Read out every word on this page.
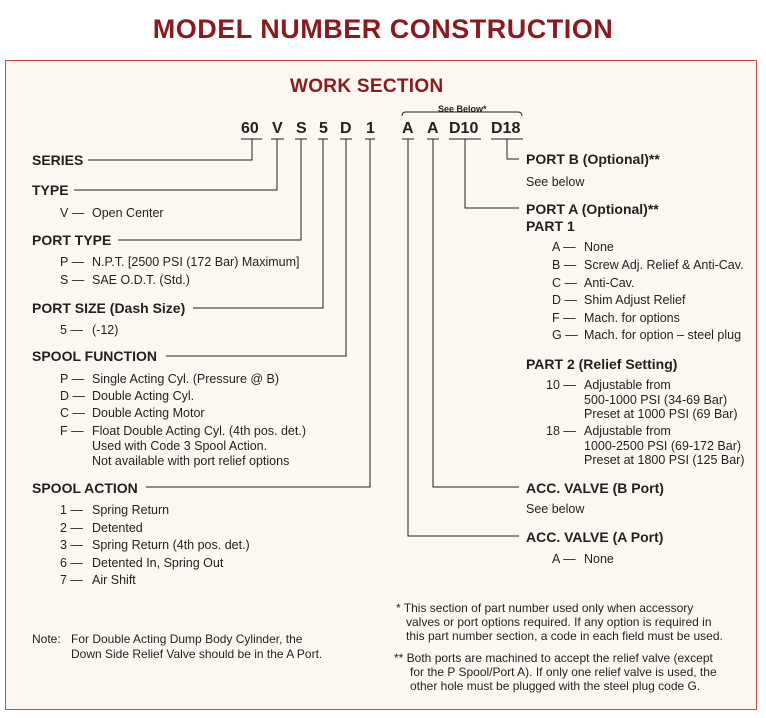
MODEL NUMBER CONSTRUCTION
WORK SECTION
See Below*
60 V S 5 D 1 A A D10 D18
SERIES
TYPE
V — Open Center
PORT TYPE
P — N.P.T. [2500 PSI (172 Bar) Maximum]
S — SAE O.D.T. (Std.)
PORT SIZE (Dash Size)
5 — (-12)
SPOOL FUNCTION
P — Single Acting Cyl. (Pressure @ B)
D — Double Acting Cyl.
C — Double Acting Motor
F — Float Double Acting Cyl. (4th pos. det.)
Used with Code 3 Spool Action.
Not available with port relief options
SPOOL ACTION
1 — Spring Return
2 — Detented
3 — Spring Return (4th pos. det.)
6 — Detented In, Spring Out
7 — Air Shift
Note: For Double Acting Dump Body Cylinder, the
Down Side Relief Valve should be in the A Port.
PORT B (Optional)**
See below
PORT A (Optional)**
PART 1
A — None
B — Screw Adj. Relief & Anti-Cav.
C — Anti-Cav.
D — Shim Adjust Relief
F — Mach. for options
G — Mach. for option – steel plug
PART 2 (Relief Setting)
10 — Adjustable from
500-1000 PSI (34-69 Bar)
Preset at 1000 PSI (69 Bar)
18 — Adjustable from
1000-2500 PSI (69-172 Bar)
Preset at 1800 PSI (125 Bar)
ACC. VALVE (B Port)
See below
ACC. VALVE (A Port)
A — None
* This section of part number used only when accessory
valves or port options required. If any option is required in
this part number section, a code in each field must be used.
** Both ports are machined to accept the relief valve (except
for the P Spool/Port A). If only one relief valve is used, the
other hole must be plugged with the steel plug code G.
